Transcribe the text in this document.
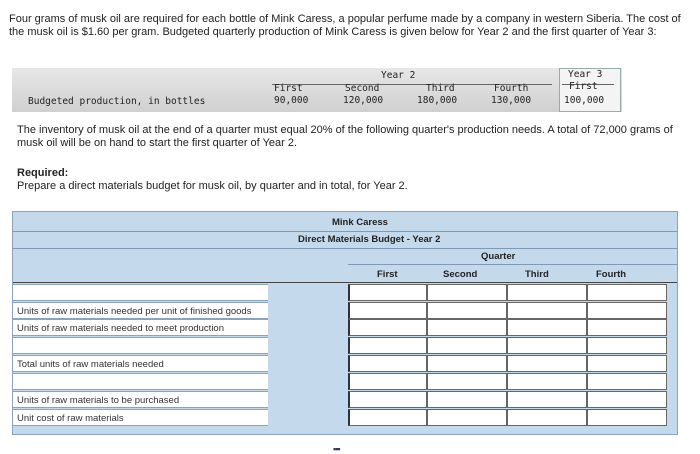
Four grams of musk oil are required for each bottle of Mink Caress, a popular perfume made by a company in western Siberia. The cost of the musk oil is $1.60 per gram. Budgeted quarterly production of Mink Caress is given below for Year 2 and the first quarter of Year 3:
Year 2	Year 3
First	Second	Third	Fourth	First
Budgeted production, in bottles	90,000	120,000	180,000	130,000	100,000
The inventory of musk oil at the end of a quarter must equal 20% of the following quarter's production needs. A total of 72,000 grams of musk oil will be on hand to start the first quarter of Year 2.
Required:
Prepare a direct materials budget for musk oil, by quarter and in total, for Year 2.
Mink Caress
Direct Materials Budget - Year 2
Quarter
First	Second	Third	Fourth
Units of raw materials needed per unit of finished goods
Units of raw materials needed to meet production
Total units of raw materials needed
Units of raw materials to be purchased
Unit cost of raw materials
▪▪▪
